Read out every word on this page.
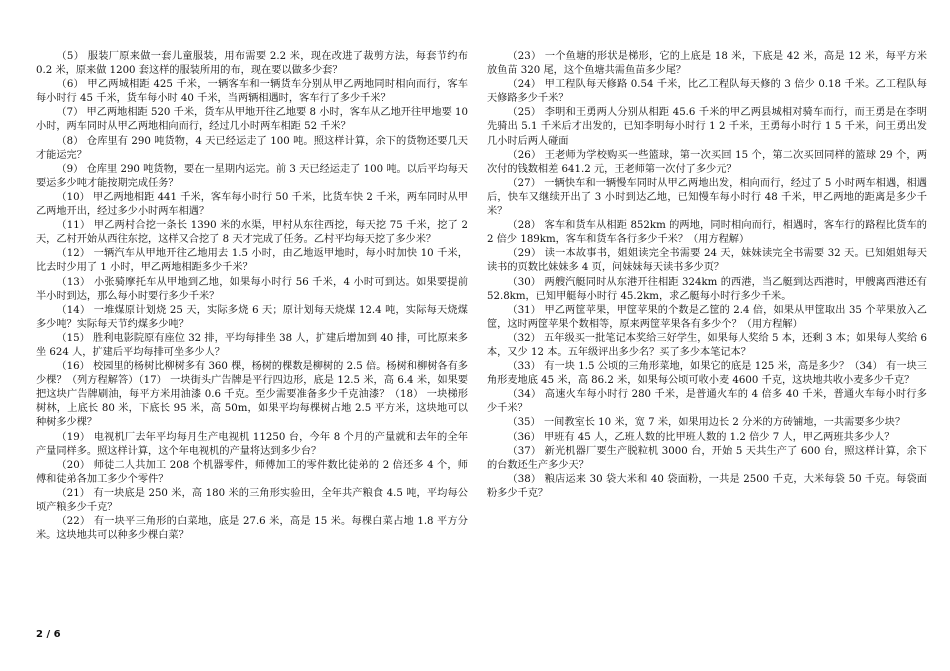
（5） 服装厂原来做一套儿童服装，用布需要 2.2 米，现在改进了裁剪方法，每套节约布 0.2 米，原来做 1200 套这样的服装所用的布，现在要以做多少套？

（6） 甲乙两城相距 425 千米，一辆客车和一辆货车分别从甲乙两地同时相向而行，客车每小时行 45 千米，货车每小时 40 千米，当两辆相遇时，客车行了多少千米？

（7） 甲乙两地相距 520 千米，货车从甲地开往乙地要 8 小时，客车从乙地开往甲地要 10 小时，两车同时从甲乙两地相向而行，经过几小时两车相距 52 千米？

（8） 仓库里有 290 吨货物，4 天已经运走了 100 吨。照这样计算，余下的货物还要几天才能运完？

（9） 仓库里 290 吨货物，要在一星期内运完。前 3 天已经运走了 100 吨。以后平均每天要运多少吨才能按期完成任务？

（10） 甲乙两地相距 441 千米，客车每小时行 50 千米，比货车快 2 千米，两车同时从甲乙两地开出，经过多少小时两车相遇？

（11） 甲乙两村合挖一条长 1390 米的水渠，甲村从东往西挖，每天挖 75 千米，挖了 2 天，乙村开始从西往东挖，这样又合挖了 8 天才完成了任务。乙村平均每天挖了多少米？

（12） 一辆汽车从甲地开往乙地用去 1.5 小时，由乙地返甲地时，每小时加快 10 千米，比去时少用了 1 小时，甲乙两地相距多少千米？

（13） 小张骑摩托车从甲地到乙地，如果每小时行 56 千米，4 小时可到达。如果要提前半小时到达，那么每小时要行多少千米？

（14） 一堆煤原计划烧 25 天，实际多烧 6 天；原计划每天烧煤 12.4 吨，实际每天烧煤多少吨？实际每天节约煤多少吨？

（15） 胜利电影院原有座位 32 排，平均每排坐 38 人，扩建后增加到 40 排，可比原来多坐 624 人，扩建后平均每排可坐多少人？

（16） 校园里的杨树比柳树多有 360 棵，杨树的棵数是柳树的 2.5 倍。杨树和柳树各有多少棵？（列方程解答）（17） 一块街头广告牌是平行四边形，底是 12.5 米，高 6.4 米，如果要把这块广告牌刷油，每平方米用油漆 0.6 千克。至少需要准备多少千克油漆？（18） 一块梯形树林，上底长 80 米，下底长 95 米，高 50m，如果平均每棵树占地 2.5 平方米，这块地可以种树多少棵？

（19） 电视机厂去年平均每月生产电视机 11250 台，今年 8 个月的产量就和去年的全年产量同样多。照这样计算，这个年电视机的产量将达到多少台？

（20） 师徒二人共加工 208 个机器零件，师傅加工的零件数比徒弟的 2 倍还多 4 个，师傅和徒弟各加工多少个零件？

（21） 有一块底是 250 米，高 180 米的三角形实验田，全年共产粮食 4.5 吨，平均每公顷产粮多少千克？

（22） 有一块平三角形的白菜地，底是 27.6 米，高是 15 米。每棵白菜占地 1.8 平方分米。这块地共可以种多少棵白菜？

（23） 一个鱼塘的形状是梯形，它的上底是 18 米，下底是 42 米，高是 12 米，每平方米放鱼苗 320 尾，这个鱼塘共需鱼苗多少尾？

（24） 甲工程队每天修路 0.54 千米，比乙工程队每天修的 3 倍少 0.18 千米。乙工程队每天修路多少千米？

（25） 李明和王勇两人分别从相距 45.6 千米的甲乙两县城相对骑车而行，而王勇是在李明先骑出 5.1 千米后才出发的，已知李明每小时行 1 2 千米，王勇每小时行 1 5 千米，问王勇出发几小时后两人碰面

（26） 王老师为学校购买一些篮球，第一次买回 15 个，第二次买回同样的篮球 29 个，两次付的钱数相差 641.2 元，王老师第一次付了多少元？

（27） 一辆快车和一辆慢车同时从甲乙两地出发，相向而行，经过了 5 小时两车相遇，相遇后，快车又继续开出了 3 小时到达乙地，已知慢车每小时行 48 千米，甲乙两地的距离是多少千米？

（28） 客车和货车从相距 852km 的两地，同时相向而行，相遇时，客车行的路程比货车的 2 倍少 189km，客车和货车各行多少千米？（用方程解）

（29） 读一本故事书，姐姐读完全书需要 24 天，妹妹读完全书需要 32 天。已知姐姐每天读书的页数比妹妹多 4 页，问妹妹每天读书多少页？

（30） 两艘汽艇同时从东港开往相距 324km 的西港，当乙艇到达西港时，甲艘离西港还有 52.8km，已知甲艇每小时行 45.2km，求乙艇每小时行多少千米。

（31） 甲乙两筐苹果，甲筐苹果的个数是乙筐的 2.4 倍，如果从甲筐取出 35 个苹果放入乙筐，这时两筐苹果个数相等，原来两筐苹果各有多少个？（用方程解）

（32） 五年级买一批笔记本奖给三好学生，如果每人奖给 5 本，还剩 3 本；如果每人奖给 6 本，又少 12 本。五年级评出多少名？买了多少本笔记本？

（33） 有一块 1.5 公顷的三角形菜地，如果它的底是 125 米，高是多少？（34） 有一块三角形麦地底 45 米，高 86.2 米，如果每公顷可收小麦 4600 千克，这块地共收小麦多少千克？

（34） 高速火车每小时行 280 千米，是普通火车的 4 倍多 40 千米，普通火车每小时行多少千米？

（35） 一间教室长 10 米，宽 7 米，如果用边长 2 分米的方砖铺地，一共需要多少块？

（36） 甲班有 45 人，乙班人数的比甲班人数的 1.2 倍少 7 人，甲乙两班共多少人？

（37） 新光机器厂要生产脱粒机 3000 台，开始 5 天共生产了 600 台，照这样计算，余下的台数还生产多少天？

（38） 粮店运来 30 袋大米和 40 袋面粉，一共是 2500 千克，大米每袋 50 千克。每袋面粉多少千克？

2 / 6
